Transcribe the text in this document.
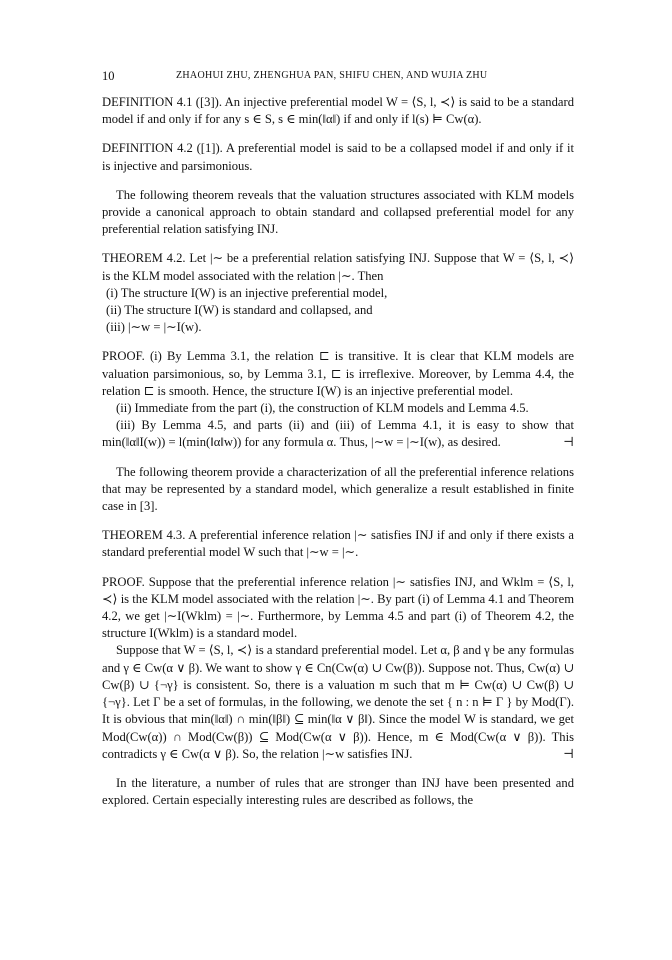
10	ZHAOHUI ZHU, ZHENGHUA PAN, SHIFU CHEN, AND WUJIA ZHU

DEFINITION 4.1 ([3]). An injective preferential model W = ⟨S, l, ≺⟩ is said to be a standard model if and only if for any s ∈ S, s ∈ min(‖α‖) if and only if l(s) ⊨ Cw(α).

DEFINITION 4.2 ([1]). A preferential model is said to be a collapsed model if and only if it is injective and parsimonious.

The following theorem reveals that the valuation structures associated with KLM models provide a canonical approach to obtain standard and collapsed preferential model for any preferential relation satisfying INJ.

THEOREM 4.2. Let |∼ be a preferential relation satisfying INJ. Suppose that W = ⟨S, l, ≺⟩ is the KLM model associated with the relation |∼. Then

(i) The structure I(W) is an injective preferential model,
(ii) The structure I(W) is standard and collapsed, and
(iii) |∼w = |∼I(w).

PROOF. (i) By Lemma 3.1, the relation ⊏ is transitive. It is clear that KLM models are valuation parsimonious, so, by Lemma 3.1, ⊏ is irreflexive. Moreover, by Lemma 4.4, the relation ⊏ is smooth. Hence, the structure I(W) is an injective preferential model.

(ii) Immediate from the part (i), the construction of KLM models and Lemma 4.5.

(iii) By Lemma 4.5, and parts (ii) and (iii) of Lemma 4.1, it is easy to show that min(‖α‖I(w)) = l(min(‖α‖w)) for any formula α. Thus, |∼w = |∼I(w), as desired.	⊣

The following theorem provide a characterization of all the preferential inference relations that may be represented by a standard model, which generalize a result established in finite case in [3].

THEOREM 4.3. A preferential inference relation |∼ satisfies INJ if and only if there exists a standard preferential model W such that |∼w = |∼.

PROOF. Suppose that the preferential inference relation |∼ satisfies INJ, and Wklm = ⟨S, l, ≺⟩ is the KLM model associated with the relation |∼. By part (i) of Lemma 4.1 and Theorem 4.2, we get |∼I(Wklm) = |∼. Furthermore, by Lemma 4.5 and part (i) of Theorem 4.2, the structure I(Wklm) is a standard model.

Suppose that W = ⟨S, l, ≺⟩ is a standard preferential model. Let α, β and γ be any formulas and γ ∈ Cw(α ∨ β). We want to show γ ∈ Cn(Cw(α) ∪ Cw(β)). Suppose not. Thus, Cw(α) ∪ Cw(β) ∪ {¬γ} is consistent. So, there is a valuation m such that m ⊨ Cw(α) ∪ Cw(β) ∪ {¬γ}. Let Γ be a set of formulas, in the following, we denote the set { n : n ⊨ Γ } by Mod(Γ). It is obvious that min(‖α‖) ∩ min(‖β‖) ⊆ min(‖α ∨ β‖). Since the model W is standard, we get Mod(Cw(α)) ∩ Mod(Cw(β)) ⊆ Mod(Cw(α ∨ β)). Hence, m ∈ Mod(Cw(α ∨ β)). This contradicts γ ∈ Cw(α ∨ β). So, the relation |∼w satisfies INJ.	⊣

In the literature, a number of rules that are stronger than INJ have been presented and explored. Certain especially interesting rules are described as follows, the
